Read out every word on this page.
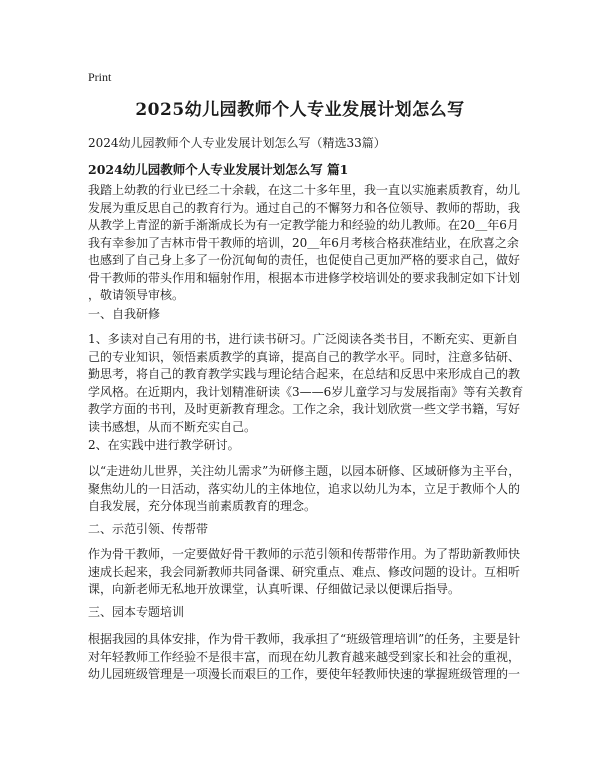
Print
2025幼儿园教师个人专业发展计划怎么写

2024幼儿园教师个人专业发展计划怎么写（精选33篇）

2024幼儿园教师个人专业发展计划怎么写 篇1

我踏上幼教的行业已经二十余载，在这二十多年里，我一直以实施素质教育，幼儿
发展为重反思自己的教育行为。通过自己的不懈努力和各位领导、教师的帮助，我
从教学上青涩的新手渐渐成长为有一定教学能力和经验的幼儿教师。在20＿年6月
我有幸参加了吉林市骨干教师的培训，20＿年6月考核合格获准结业，在欣喜之余
也感到了自己身上多了一份沉甸甸的责任，也促使自己更加严格的要求自己，做好
骨干教师的带头作用和辐射作用，根据本市进修学校培训处的要求我制定如下计划
，敬请领导审核。

一、自我研修

1、多读对自己有用的书，进行读书研习。广泛阅读各类书目，不断充实、更新自
己的专业知识，领悟素质教学的真谛，提高自己的教学水平。同时，注意多钻研、
勤思考，将自己的教育教学实践与理论结合起来，在总结和反思中来形成自己的教
学风格。在近期内，我计划精准研读《3——6岁儿童学习与发展指南》等有关教育
教学方面的书刊，及时更新教育理念。工作之余，我计划欣赏一些文学书籍，写好
读书感想，从而不断充实自己。

2、在实践中进行教学研讨。

以“走进幼儿世界，关注幼儿需求”为研修主题，以园本研修、区域研修为主平台，
聚焦幼儿的一日活动，落实幼儿的主体地位，追求以幼儿为本，立足于教师个人的
自我发展，充分体现当前素质教育的理念。

二、示范引领、传帮带

作为骨干教师，一定要做好骨干教师的示范引领和传帮带作用。为了帮助新教师快
速成长起来，我会同新教师共同备课、研究重点、难点、修改问题的设计。互相听
课，向新老师无私地开放课堂，认真听课、仔细做记录以便课后指导。

三、园本专题培训

根据我园的具体安排，作为骨干教师，我承担了“班级管理培训”的任务，主要是针
对年轻教师工作经验不是很丰富，而现在幼儿教育越来越受到家长和社会的重视，
幼儿园班级管理是一项漫长而艰巨的工作，要使年轻教师快速的掌握班级管理的一
